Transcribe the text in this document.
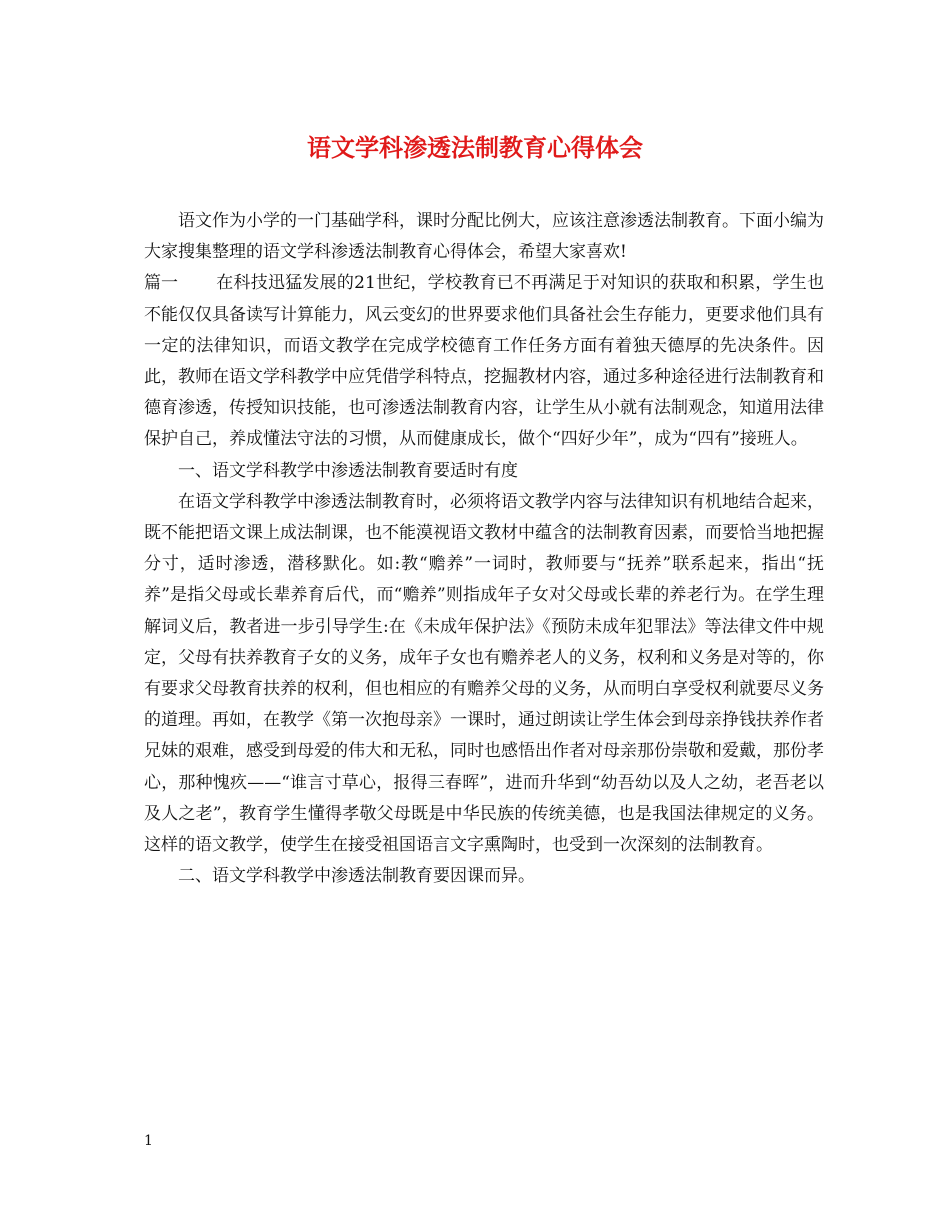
语文学科渗透法制教育心得体会

语文作为小学的一门基础学科，课时分配比例大，应该注意渗透法制教育。下面小编为大家搜集整理的语文学科渗透法制教育心得体会，希望大家喜欢!

篇一 在科技迅猛发展的21世纪，学校教育已不再满足于对知识的获取和积累，学生也不能仅仅具备读写计算能力，风云变幻的世界要求他们具备社会生存能力，更要求他们具有一定的法律知识，而语文教学在完成学校德育工作任务方面有着独天德厚的先决条件。因此，教师在语文学科教学中应凭借学科特点，挖掘教材内容，通过多种途径进行法制教育和德育渗透，传授知识技能，也可渗透法制教育内容，让学生从小就有法制观念，知道用法律保护自己，养成懂法守法的习惯，从而健康成长，做个“四好少年”，成为“四有”接班人。

一、语文学科教学中渗透法制教育要适时有度

在语文学科教学中渗透法制教育时，必须将语文教学内容与法律知识有机地结合起来，既不能把语文课上成法制课，也不能漠视语文教材中蕴含的法制教育因素，而要恰当地把握分寸，适时渗透，潜移默化。如:教“赡养”一词时，教师要与“抚养”联系起来，指出“抚养”是指父母或长辈养育后代，而“赡养”则指成年子女对父母或长辈的养老行为。在学生理解词义后，教者进一步引导学生:在《未成年保护法》《预防未成年犯罪法》等法律文件中规定，父母有扶养教育子女的义务，成年子女也有赡养老人的义务，权利和义务是对等的，你有要求父母教育扶养的权利，但也相应的有赡养父母的义务，从而明白享受权利就要尽义务的道理。再如，在教学《第一次抱母亲》一课时，通过朗读让学生体会到母亲挣钱扶养作者兄妹的艰难，感受到母爱的伟大和无私，同时也感悟出作者对母亲那份崇敬和爱戴，那份孝心，那种愧疚——“谁言寸草心，报得三春晖”，进而升华到“幼吾幼以及人之幼，老吾老以及人之老”，教育学生懂得孝敬父母既是中华民族的传统美德，也是我国法律规定的义务。这样的语文教学，使学生在接受祖国语言文字熏陶时，也受到一次深刻的法制教育。

二、语文学科教学中渗透法制教育要因课而异。

1
